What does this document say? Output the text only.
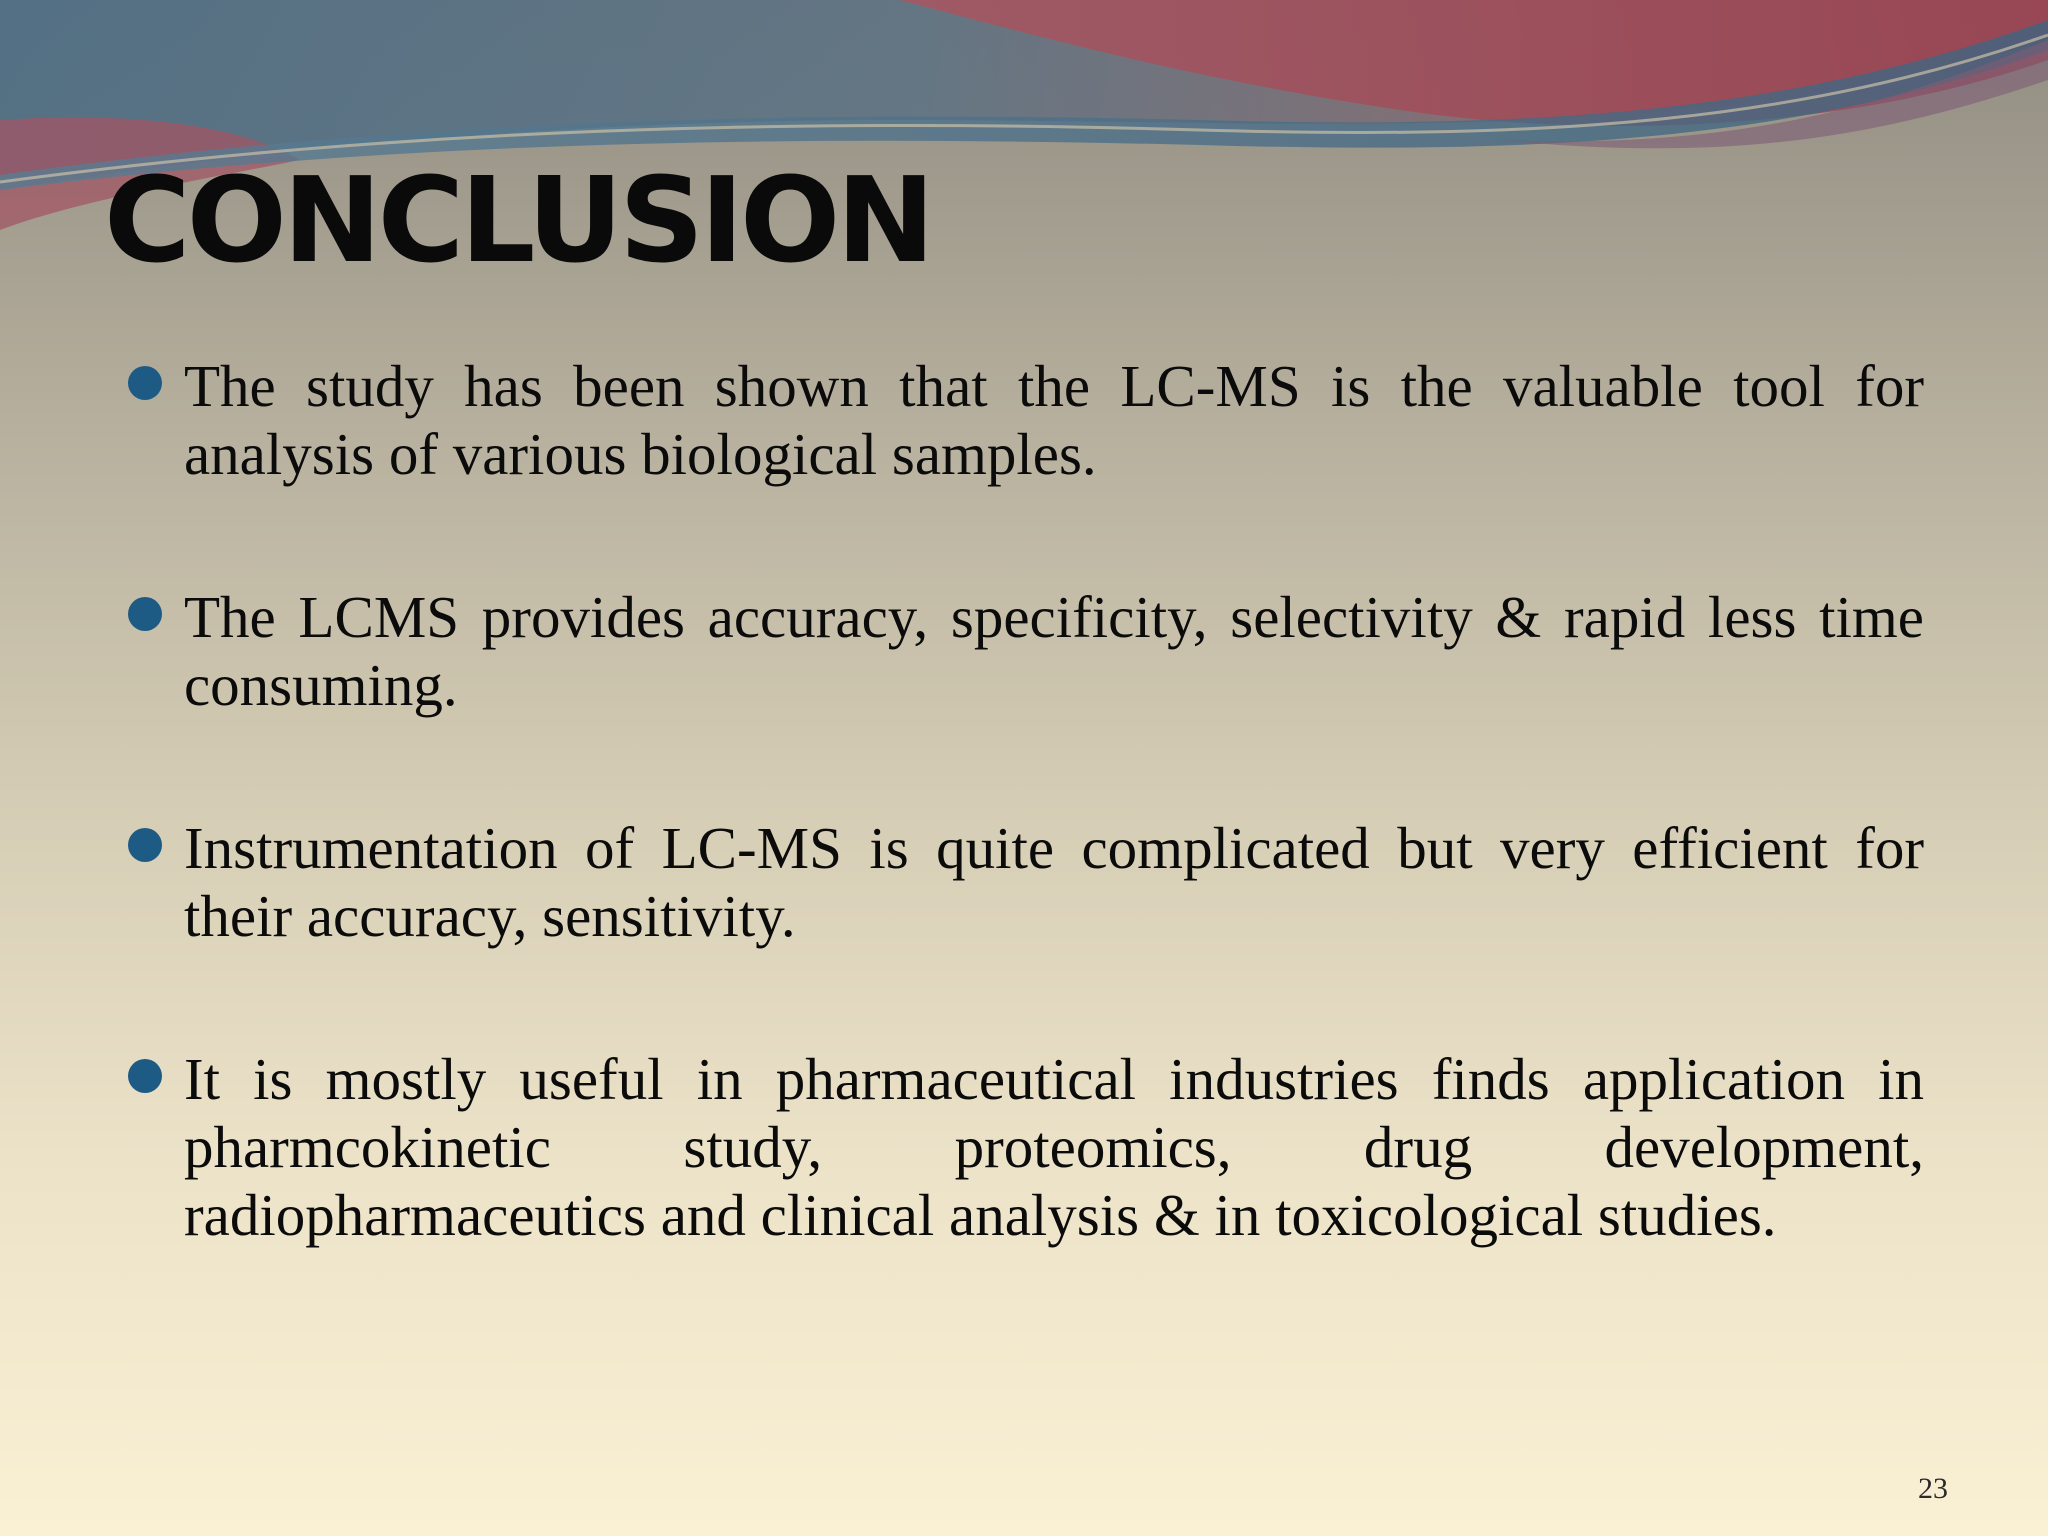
CONCLUSION
The study has been shown that the LC-MS is the valuable tool for analysis of various biological samples.
The LCMS provides accuracy, specificity, selectivity & rapid less time consuming.
Instrumentation of LC-MS is quite complicated but very efficient for their accuracy, sensitivity.
It is mostly useful in pharmaceutical industries finds application in pharmcokinetic study, proteomics, drug development, radiopharmaceutics and clinical analysis & in toxicological studies.
23
